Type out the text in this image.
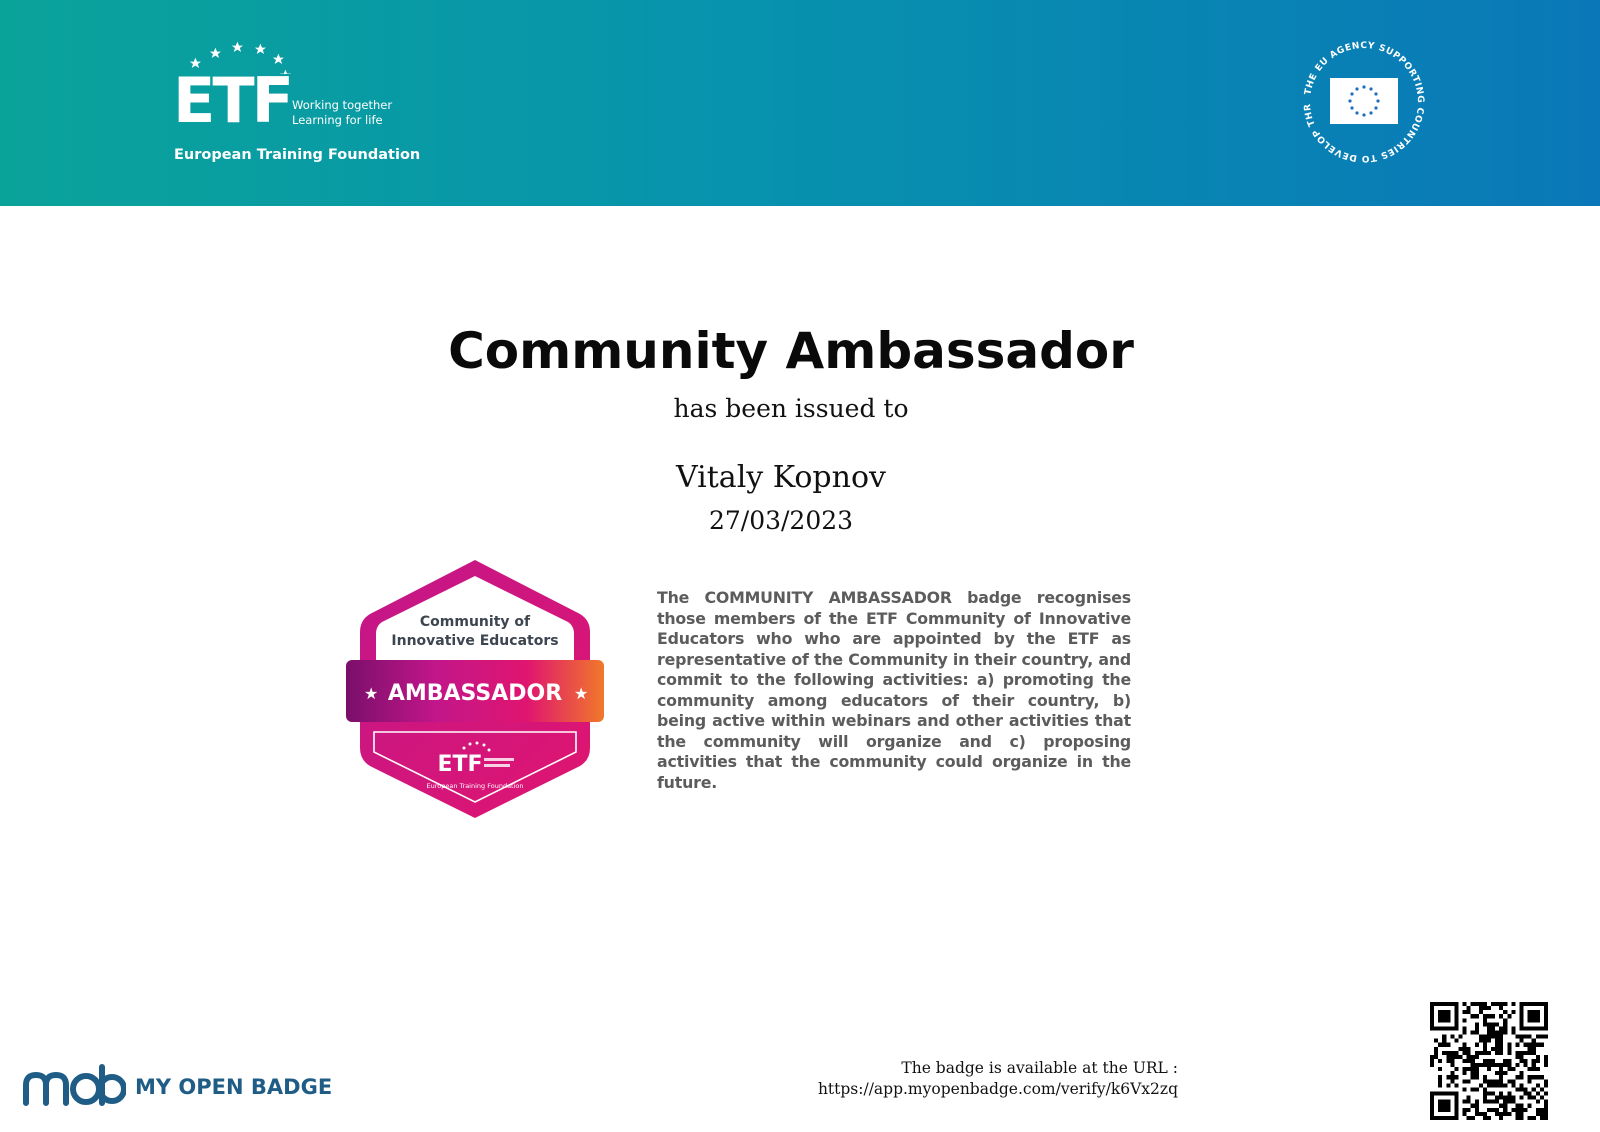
ETF Working together
Learning for life
European Training Foundation
THE EU AGENCY SUPPORTING COUNTRIES TO DEVELOP THR
Community Ambassador
has been issued to
Vitaly Kopnov
27/03/2023
Community of
Innovative Educators
★ AMBASSADOR ★
ETF
European Training Foundation
The COMMUNITY AMBASSADOR badge recognises those members of the ETF Community of Innovative Educators who who are appointed by the ETF as representative of the Community in their country, and commit to the following activities: a) promoting the community among educators of their country, b) being active within webinars and other activities that the community will organize and c) proposing activities that the community could organize in the future.
MY OPEN BADGE
The badge is available at the URL :
https://app.myopenbadge.com/verify/k6Vx2zq
